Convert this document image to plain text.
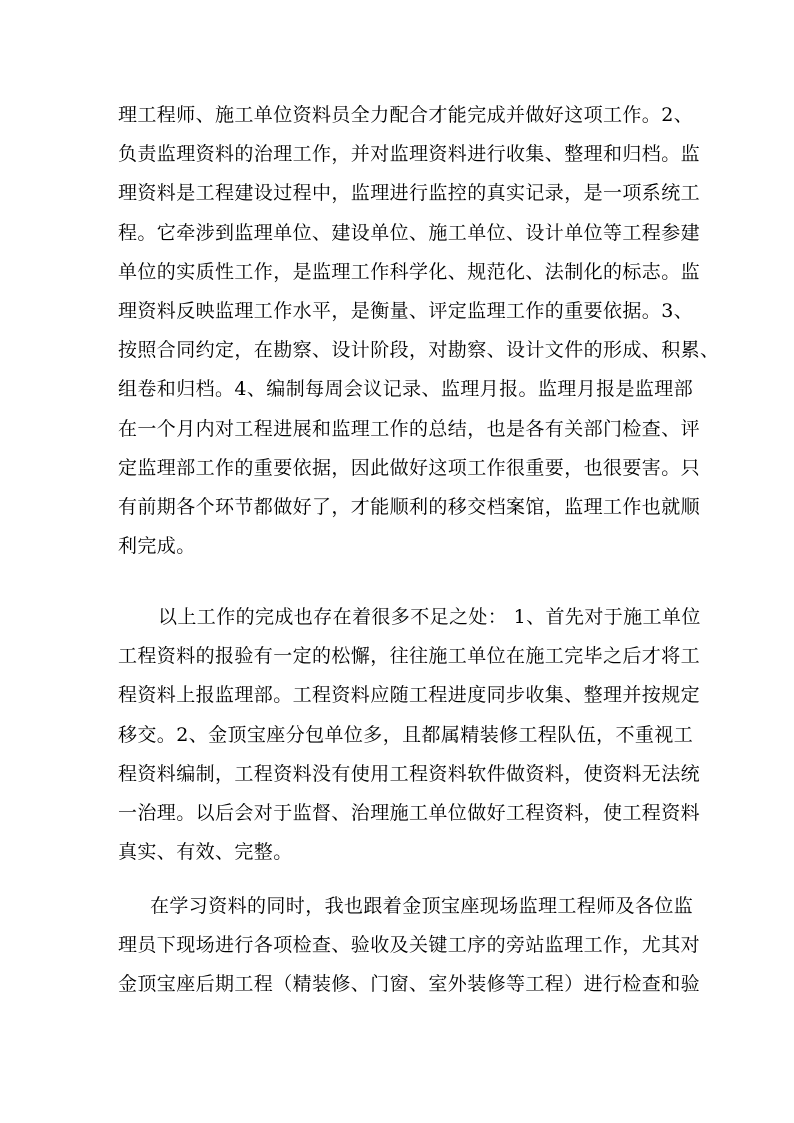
理工程师、施工单位资料员全力配合才能完成并做好这项工作。2、
负责监理资料的治理工作，并对监理资料进行收集、整理和归档。监
理资料是工程建设过程中，监理进行监控的真实记录，是一项系统工
程。它牵涉到监理单位、建设单位、施工单位、设计单位等工程参建
单位的实质性工作，是监理工作科学化、规范化、法制化的标志。监
理资料反映监理工作水平，是衡量、评定监理工作的重要依据。3、
按照合同约定，在勘察、设计阶段，对勘察、设计文件的形成、积累、
组卷和归档。4、编制每周会议记录、监理月报。监理月报是监理部
在一个月内对工程进展和监理工作的总结，也是各有关部门检查、评
定监理部工作的重要依据，因此做好这项工作很重要，也很要害。只
有前期各个环节都做好了，才能顺利的移交档案馆，监理工作也就顺
利完成。
以上工作的完成也存在着很多不足之处： 1、首先对于施工单位
工程资料的报验有一定的松懈，往往施工单位在施工完毕之后才将工
程资料上报监理部。工程资料应随工程进度同步收集、整理并按规定
移交。2、金顶宝座分包单位多，且都属精装修工程队伍，不重视工
程资料编制，工程资料没有使用工程资料软件做资料，使资料无法统
一治理。以后会对于监督、治理施工单位做好工程资料，使工程资料
真实、有效、完整。
在学习资料的同时，我也跟着金顶宝座现场监理工程师及各位监
理员下现场进行各项检查、验收及关键工序的旁站监理工作，尤其对
金顶宝座后期工程（精装修、门窗、室外装修等工程）进行检查和验
